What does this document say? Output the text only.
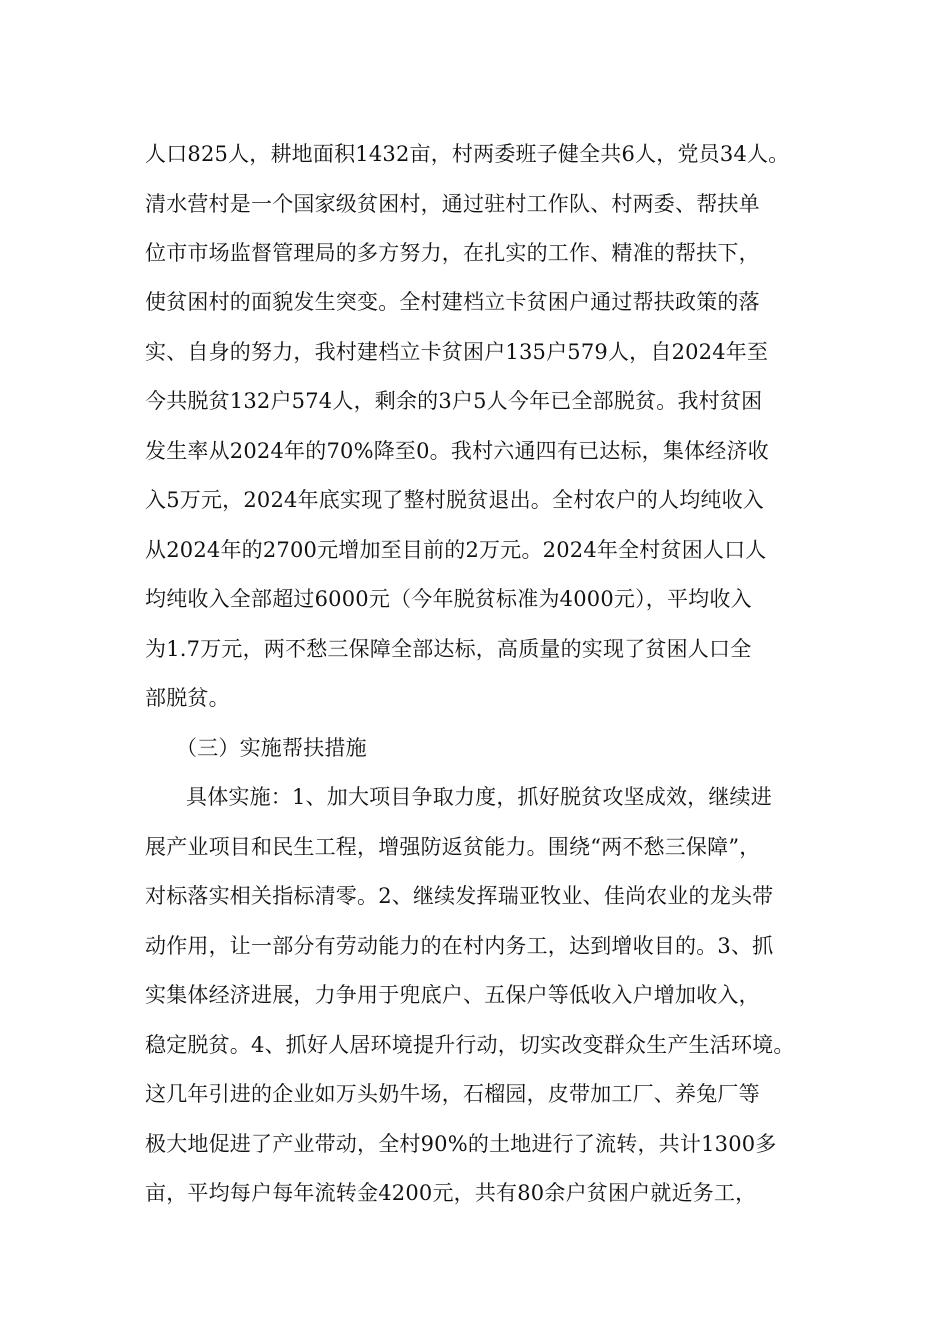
人口825人，耕地面积1432亩，村两委班子健全共6人，党员34人。
清水营村是一个国家级贫困村，通过驻村工作队、村两委、帮扶单
位市市场监督管理局的多方努力，在扎实的工作、精准的帮扶下，
使贫困村的面貌发生突变。全村建档立卡贫困户通过帮扶政策的落
实、自身的努力，我村建档立卡贫困户135户579人，自2024年至
今共脱贫132户574人，剩余的3户5人今年已全部脱贫。我村贫困
发生率从2024年的70%降至0。我村六通四有已达标，集体经济收
入5万元，2024年底实现了整村脱贫退出。全村农户的人均纯收入
从2024年的2700元增加至目前的2万元。2024年全村贫困人口人
均纯收入全部超过6000元（今年脱贫标准为4000元），平均收入
为1.7万元，两不愁三保障全部达标，高质量的实现了贫困人口全
部脱贫。
（三）实施帮扶措施
具体实施：1、加大项目争取力度，抓好脱贫攻坚成效，继续进
展产业项目和民生工程，增强防返贫能力。围绕“两不愁三保障”，
对标落实相关指标清零。2、继续发挥瑞亚牧业、佳尚农业的龙头带
动作用，让一部分有劳动能力的在村内务工，达到增收目的。3、抓
实集体经济进展，力争用于兜底户、五保户等低收入户增加收入，
稳定脱贫。4、抓好人居环境提升行动，切实改变群众生产生活环境。
这几年引进的企业如万头奶牛场，石榴园，皮带加工厂、养兔厂等
极大地促进了产业带动，全村90%的土地进行了流转，共计1300多
亩，平均每户每年流转金4200元，共有80余户贫困户就近务工，
